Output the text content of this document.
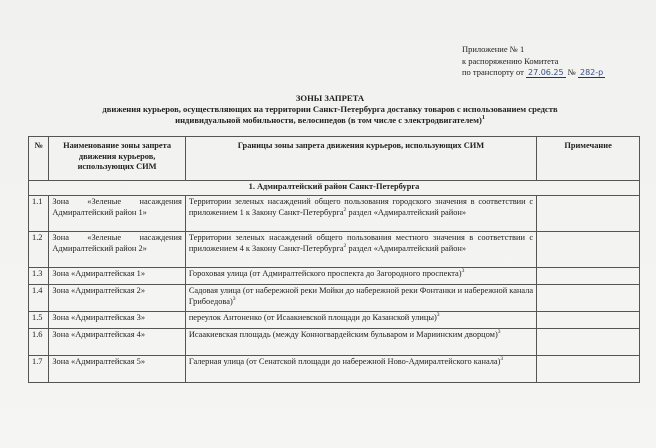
Приложение № 1
к распоряжению Комитета
по транспорту от 27.06.25 № 282-р
ЗОНЫ ЗАПРЕТА
движения курьеров, осуществляющих на территории Санкт-Петербурга доставку товаров с использованием средств
индивидуальной мобильности, велосипедов (в том числе с электродвигателем)$^1$
№	Наименование зоны запрета движения курьеров, использующих СИМ	Границы зоны запрета движения курьеров, использующих СИМ	Примечание
1. Адмиралтейский район Санкт-Петербурга			
1.1	Зона «Зеленые насаждения Адмиралтейский район 1»	Территории зеленых насаждений общего пользования городского значения в соответствии с приложением 1 к Закону Санкт-Петербурга$^2$ раздел «Адмиралтейский район»	
1.2	Зона «Зеленые насаждения Адмиралтейский район 2»	Территории зеленых насаждений общего пользования местного значения в соответствии с приложением 4 к Закону Санкт-Петербурга$^2$ раздел «Адмиралтейский район»	
1.3	Зона «Адмиралтейская 1»	Гороховая улица (от Адмиралтейского проспекта до Загородного проспекта)$^3$	
1.4	Зона «Адмиралтейская 2»	Садовая улица (от набережной реки Мойки до набережной реки Фонтанки и набережной канала Грибоедова)$^3$	
1.5	Зона «Адмиралтейская 3»	переулок Антоненко (от Исаакиевской площади до Казанской улицы)$^3$	
1.6	Зона «Адмиралтейская 4»	Исаакиевская площадь (между Конногвардейским бульваром и Мариинским дворцом)$^3$	
1.7	Зона «Адмиралтейская 5»	Галерная улица (от Сенатской площади до набережной Ново-Адмиралтейского канала)$^3$	
